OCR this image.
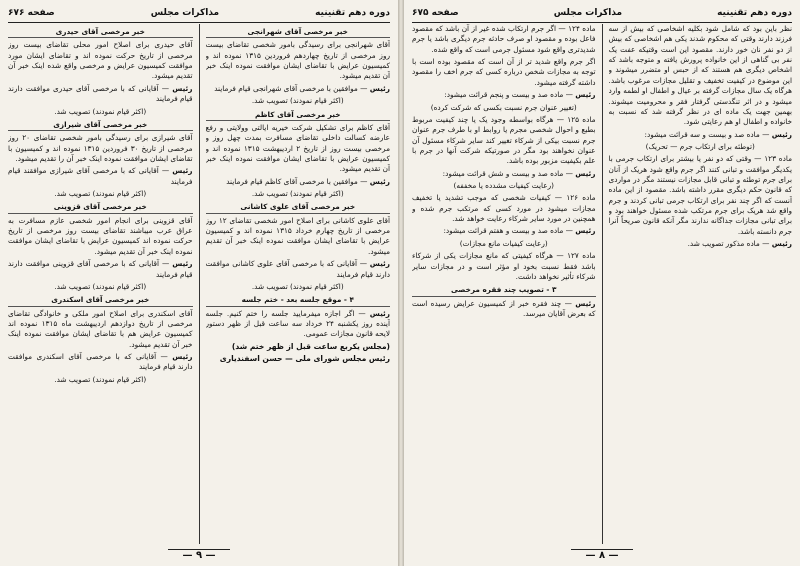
دوره دهم تقنینیه
مذاکرات مجلس
صفحه ۶۷۶

خبر مرخصی آقای شهرانجی

آقای شهرانجی برای رسیدگی بامور شخصی تقاضای بیست روز مرخصی از تاریخ چهاردهم فروردین ۱۳۱۵ نموده اند و کمیسیون عرایض با تقاضای ایشان موافقت نموده اینک خبر آن تقدیم میشود.

رئیس — موافقین با مرخصی آقای شهرانجی قیام فرمایند

(اکثر قیام نمودند) تصویب شد.

خبر مرخصی آقای کاظم

آقای کاظم برای تشکیل شرکت خیریه ایالتی وولایتی و رفع عارضه کسالت داخلی تقاضای مسافرت بمدت چهل روز و مرخصی بیست روز از تاریخ ۲ اردیبهشت ۱۳۱۵ نموده اند و کمیسیون عرایض با تقاضای ایشان موافقت نموده اینک خبر آن تقدیم میشود.

رئیس — موافقین با مرخصی آقای کاظم قیام فرمایند

(اکثر قیام نمودند) تصویب شد.

خبر مرخصی آقای علوی کاشانی

آقای علوی کاشانی برای اصلاح امور شخصی تقاضای ۱۲ روز مرخصی از تاریخ چهارم خرداد ۱۳۱۵ نموده اند و کمیسیون عرایض با تقاضای ایشان موافقت نموده اینک خبر آن تقدیم میشود.

رئیس — آقایانی که با مرخصی آقای علوی کاشانی موافقت دارند قیام فرمایند

(اکثر قیام نمودند) تصویب شد.

۴ - موقع جلسه بعد - ختم جلسه

رئیس — اگر اجازه میفرمایید جلسه را ختم کنیم. جلسه آینده روز یکشنبه ۲۴ خرداد سه ساعت قبل از ظهر دستور لایحه قانون مجازات عمومی.

(مجلس یکربع ساعت قبل از ظهر ختم شد)

رئیس مجلس شورای ملی — حسن اسفندیاری

خبر مرخصی آقای حیدری

آقای حیدری برای اصلاح امور محلی تقاضای بیست روز مرخصی از تاریخ حرکت نموده اند و تقاضای ایشان مورد موافقت کمیسیون عرایض و مرخصی واقع شده اینک خبر آن تقدیم میشود.

رئیس — آقایانی که با مرخصی آقای حیدری موافقت دارند قیام فرمایند

(اکثر قیام نمودند) تصویب شد.

خبر مرخصی آقای شیرازی

آقای شیرازی برای رسیدگی بامور شخصی تقاضای ۲۰ روز مرخصی از تاریخ ۳۰ فروردین ۱۳۱۵ نموده اند و کمیسیون با تقاضای ایشان موافقت نموده اینک خبر آن را تقدیم میشود.

رئیس — آقایانی که با مرخصی آقای شیرازی موافقند قیام فرمایند

(اکثر قیام نمودند) تصویب شد.

خبر مرخصی آقای قزوینی

آقای قزوینی برای انجام امور شخصی عازم مسافرت به عراق عرب میباشند تقاضای بیست روز مرخصی از تاریخ حرکت نموده اند کمیسیون عرایض با تقاضای ایشان موافقت نموده اینک خبر آن تقدیم میشود.

رئیس — آقایانی که با مرخصی آقای قزوینی موافقت دارند قیام فرمایند

(اکثر قیام نمودند) تصویب شد.

خبر مرخصی آقای اسکندری

آقای اسکندری برای اصلاح امور ملکی و خانوادگی تقاضای مرخصی از تاریخ دوازدهم اردیبهشت ماه ۱۳۱۵ نموده اند کمیسیون عرایض هم با تقاضای ایشان موافقت نموده اینک خبر آن تقدیم میشود.

رئیس — آقایانی که با مرخصی آقای اسکندری موافقت دارند قیام فرمایند

(اکثر قیام نمودند) تصویب شد.

— ۹ —
دوره دهم تقنینیه
مذاکرات مجلس
صفحه ۶۷۵

نظر باین بود که شامل شود بکلیه اشخاصی که بیش از سه فرزند دارند وقتی که محکوم شدند یکی هم اشخاصی که بیش از دو نفر نان خور دارند. مقصود این است وقتیکه عفت یک نفر بی گناهی از این خانواده پرورش یافته و متوجه باشد که اشخاص دیگری هم هستند که از حبس او متضرر میشوند و این موضوع در کیفیت تخفیف و تقلیل مجازات مرغوب باشد. هرگاه یک سال مجازات گرفته بر عیال و اطفال او لطمه وارد میشود و در اثر تنگدستی گرفتار فقر و محرومیت میشوند. بهمین جهت یک ماده ای در نظر گرفته شد که نسبت به خانواده و اطفال او هم رعایتی شود.

رئیس — ماده صد و بیست و سه قرائت میشود:

(توطئه برای ارتکاب جرم — تحریک)

ماده ۱۲۳ — وقتی که دو نفر یا بیشتر برای ارتکاب جرمی با یکدیگر موافقت و تبانی کنند اگر جرم واقع شود هریک از آنان برای جرم توطئه و تبانی قابل مجازات نیستند مگر در مواردی که قانون حکم دیگری مقرر داشته باشد. مقصود از این ماده آنست که اگر چند نفر برای ارتکاب جرمی تبانی کردند و جرم واقع شد هریک برای جرم مرتکب شده مسئول خواهند بود و برای تبانی مجازات جداگانه ندارند مگر آنکه قانون صریحاً آنرا جرم دانسته باشد.

رئیس — ماده مذکور تصویب شد.

ماده ۱۲۴ — اگر جرم ارتکاب شده غیر از آن باشد که مقصود فاعل بوده و مقصود او صرف حادثه جرم دیگری باشد یا جرم شدیدتری واقع شود مسئول جرمی است که واقع شده.

اگر جرم واقع شدید تر از آن است که مقصود بوده است با توجه به مجازات شخص درباره کسی که جرم اخف را مقصود داشته گرفته میشود.

رئیس — ماده صد و بیست و پنجم قرائت میشود:

(تغییر عنوان جرم نسبت بکسی که شرکت کرده)

ماده ۱۲۵ — هرگاه بواسطه وجود یک یا چند کیفیت مربوط بطبع و احوال شخصی مجرم یا روابط او با طرف جرم عنوان جرم نسبت بیکی از شرکاء تغییر کند سایر شرکاء مسئول آن عنوان نخواهند بود مگر در صورتیکه شرکت آنها در جرم با علم بکیفیت مزبور بوده باشد.

رئیس — ماده صد و بیست و شش قرائت میشود:

(رعایت کیفیات مشدده یا مخففه)

ماده ۱۲۶ — کیفیات شخصی که موجب تشدید یا تخفیف مجازات میشود در مورد کسی که مرتکب جرم شده و همچنین در مورد سایر شرکاء رعایت خواهد شد.

رئیس — ماده صد و بیست و هفتم قرائت میشود:

(رعایت کیفیات مانع مجازات)

ماده ۱۲۷ — هرگاه کیفیتی که مانع مجازات یکی از شرکاء باشد فقط نسبت بخود او مؤثر است و در مجازات سایر شرکاء تأثیر نخواهد داشت.

۳ - تصویب چند فقره مرخصی

رئیس — چند فقره خبر از کمیسیون عرایض رسیده است که بعرض آقایان میرسد.

— ۸ —
